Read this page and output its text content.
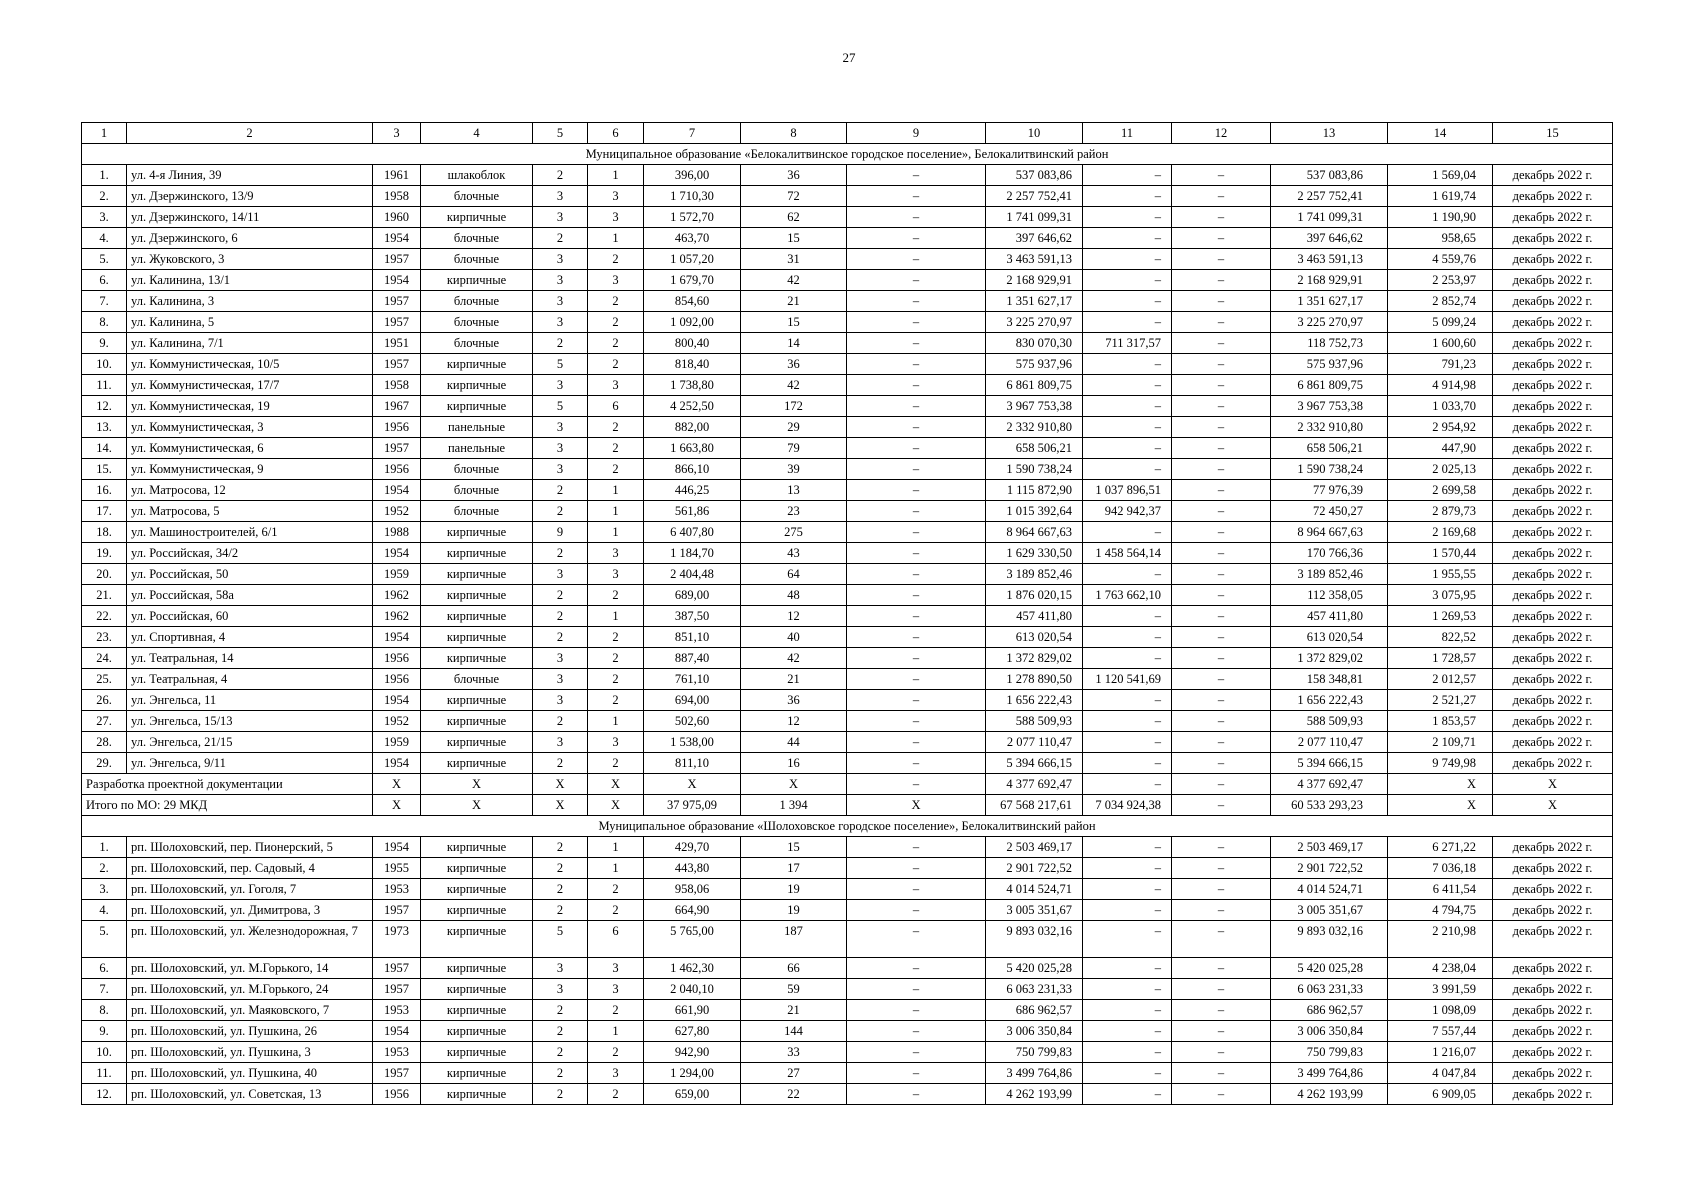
27
1	2	3	4	5	6	7	8	9	10	11	12	13	14	15
Муниципальное образование «Белокалитвинское городское поселение», Белокалитвинский район														
1.	ул. 4-я Линия, 39	1961	шлакоблок	2	1	396,00	36	–	537 083,86	–	–	537 083,86	1 569,04	декабрь 2022 г.
2.	ул. Дзержинского, 13/9	1958	блочные	3	3	1 710,30	72	–	2 257 752,41	–	–	2 257 752,41	1 619,74	декабрь 2022 г.
3.	ул. Дзержинского, 14/11	1960	кирпичные	3	3	1 572,70	62	–	1 741 099,31	–	–	1 741 099,31	1 190,90	декабрь 2022 г.
4.	ул. Дзержинского, 6	1954	блочные	2	1	463,70	15	–	397 646,62	–	–	397 646,62	958,65	декабрь 2022 г.
5.	ул. Жуковского, 3	1957	блочные	3	2	1 057,20	31	–	3 463 591,13	–	–	3 463 591,13	4 559,76	декабрь 2022 г.
6.	ул. Калинина, 13/1	1954	кирпичные	3	3	1 679,70	42	–	2 168 929,91	–	–	2 168 929,91	2 253,97	декабрь 2022 г.
7.	ул. Калинина, 3	1957	блочные	3	2	854,60	21	–	1 351 627,17	–	–	1 351 627,17	2 852,74	декабрь 2022 г.
8.	ул. Калинина, 5	1957	блочные	3	2	1 092,00	15	–	3 225 270,97	–	–	3 225 270,97	5 099,24	декабрь 2022 г.
9.	ул. Калинина, 7/1	1951	блочные	2	2	800,40	14	–	830 070,30	711 317,57	–	118 752,73	1 600,60	декабрь 2022 г.
10.	ул. Коммунистическая, 10/5	1957	кирпичные	5	2	818,40	36	–	575 937,96	–	–	575 937,96	791,23	декабрь 2022 г.
11.	ул. Коммунистическая, 17/7	1958	кирпичные	3	3	1 738,80	42	–	6 861 809,75	–	–	6 861 809,75	4 914,98	декабрь 2022 г.
12.	ул. Коммунистическая, 19	1967	кирпичные	5	6	4 252,50	172	–	3 967 753,38	–	–	3 967 753,38	1 033,70	декабрь 2022 г.
13.	ул. Коммунистическая, 3	1956	панельные	3	2	882,00	29	–	2 332 910,80	–	–	2 332 910,80	2 954,92	декабрь 2022 г.
14.	ул. Коммунистическая, 6	1957	панельные	3	2	1 663,80	79	–	658 506,21	–	–	658 506,21	447,90	декабрь 2022 г.
15.	ул. Коммунистическая, 9	1956	блочные	3	2	866,10	39	–	1 590 738,24	–	–	1 590 738,24	2 025,13	декабрь 2022 г.
16.	ул. Матросова, 12	1954	блочные	2	1	446,25	13	–	1 115 872,90	1 037 896,51	–	77 976,39	2 699,58	декабрь 2022 г.
17.	ул. Матросова, 5	1952	блочные	2	1	561,86	23	–	1 015 392,64	942 942,37	–	72 450,27	2 879,73	декабрь 2022 г.
18.	ул. Машиностроителей, 6/1	1988	кирпичные	9	1	6 407,80	275	–	8 964 667,63	–	–	8 964 667,63	2 169,68	декабрь 2022 г.
19.	ул. Российская, 34/2	1954	кирпичные	2	3	1 184,70	43	–	1 629 330,50	1 458 564,14	–	170 766,36	1 570,44	декабрь 2022 г.
20.	ул. Российская, 50	1959	кирпичные	3	3	2 404,48	64	–	3 189 852,46	–	–	3 189 852,46	1 955,55	декабрь 2022 г.
21.	ул. Российская, 58а	1962	кирпичные	2	2	689,00	48	–	1 876 020,15	1 763 662,10	–	112 358,05	3 075,95	декабрь 2022 г.
22.	ул. Российская, 60	1962	кирпичные	2	1	387,50	12	–	457 411,80	–	–	457 411,80	1 269,53	декабрь 2022 г.
23.	ул. Спортивная, 4	1954	кирпичные	2	2	851,10	40	–	613 020,54	–	–	613 020,54	822,52	декабрь 2022 г.
24.	ул. Театральная, 14	1956	кирпичные	3	2	887,40	42	–	1 372 829,02	–	–	1 372 829,02	1 728,57	декабрь 2022 г.
25.	ул. Театральная, 4	1956	блочные	3	2	761,10	21	–	1 278 890,50	1 120 541,69	–	158 348,81	2 012,57	декабрь 2022 г.
26.	ул. Энгельса, 11	1954	кирпичные	3	2	694,00	36	–	1 656 222,43	–	–	1 656 222,43	2 521,27	декабрь 2022 г.
27.	ул. Энгельса, 15/13	1952	кирпичные	2	1	502,60	12	–	588 509,93	–	–	588 509,93	1 853,57	декабрь 2022 г.
28.	ул. Энгельса, 21/15	1959	кирпичные	3	3	1 538,00	44	–	2 077 110,47	–	–	2 077 110,47	2 109,71	декабрь 2022 г.
29.	ул. Энгельса, 9/11	1954	кирпичные	2	2	811,10	16	–	5 394 666,15	–	–	5 394 666,15	9 749,98	декабрь 2022 г.
Разработка проектной документации		Х	Х	Х	Х	Х	Х	–	4 377 692,47	–	–	4 377 692,47	Х	Х
Итого по МО: 29 МКД		Х	Х	Х	Х	37 975,09	1 394	Х	67 568 217,61	7 034 924,38	–	60 533 293,23	Х	Х
Муниципальное образование «Шолоховское городское поселение», Белокалитвинский район														
1.	рп. Шолоховский, пер. Пионерский, 5	1954	кирпичные	2	1	429,70	15	–	2 503 469,17	–	–	2 503 469,17	6 271,22	декабрь 2022 г.
2.	рп. Шолоховский, пер. Садовый, 4	1955	кирпичные	2	1	443,80	17	–	2 901 722,52	–	–	2 901 722,52	7 036,18	декабрь 2022 г.
3.	рп. Шолоховский, ул. Гоголя, 7	1953	кирпичные	2	2	958,06	19	–	4 014 524,71	–	–	4 014 524,71	6 411,54	декабрь 2022 г.
4.	рп. Шолоховский, ул. Димитрова, 3	1957	кирпичные	2	2	664,90	19	–	3 005 351,67	–	–	3 005 351,67	4 794,75	декабрь 2022 г.
5.	рп. Шолоховский, ул. Железнодорожная, 7	1973	кирпичные	5	6	5 765,00	187	–	9 893 032,16	–	–	9 893 032,16	2 210,98	декабрь 2022 г.
6.	рп. Шолоховский, ул. М.Горького, 14	1957	кирпичные	3	3	1 462,30	66	–	5 420 025,28	–	–	5 420 025,28	4 238,04	декабрь 2022 г.
7.	рп. Шолоховский, ул. М.Горького, 24	1957	кирпичные	3	3	2 040,10	59	–	6 063 231,33	–	–	6 063 231,33	3 991,59	декабрь 2022 г.
8.	рп. Шолоховский, ул. Маяковского, 7	1953	кирпичные	2	2	661,90	21	–	686 962,57	–	–	686 962,57	1 098,09	декабрь 2022 г.
9.	рп. Шолоховский, ул. Пушкина, 26	1954	кирпичные	2	1	627,80	144	–	3 006 350,84	–	–	3 006 350,84	7 557,44	декабрь 2022 г.
10.	рп. Шолоховский, ул. Пушкина, 3	1953	кирпичные	2	2	942,90	33	–	750 799,83	–	–	750 799,83	1 216,07	декабрь 2022 г.
11.	рп. Шолоховский, ул. Пушкина, 40	1957	кирпичные	2	3	1 294,00	27	–	3 499 764,86	–	–	3 499 764,86	4 047,84	декабрь 2022 г.
12.	рп. Шолоховский, ул. Советская, 13	1956	кирпичные	2	2	659,00	22	–	4 262 193,99	–	–	4 262 193,99	6 909,05	декабрь 2022 г.
